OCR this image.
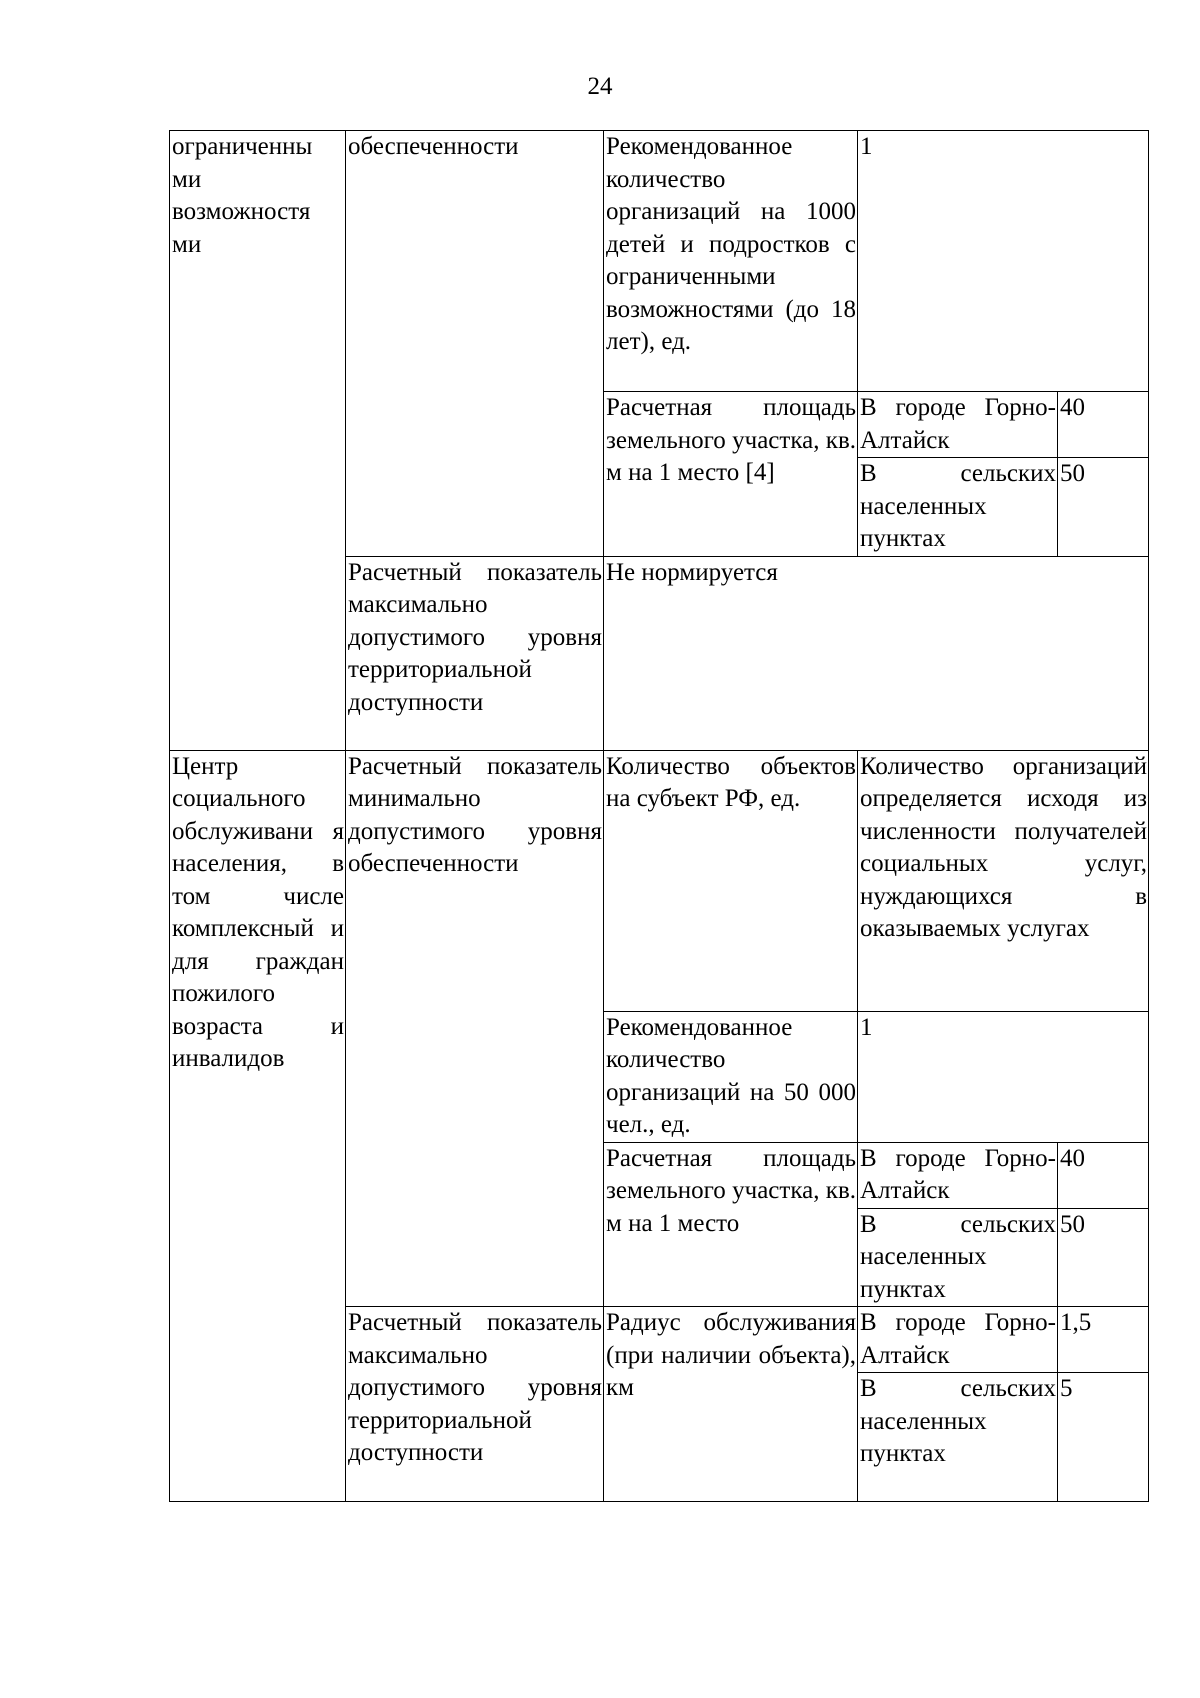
24
ограниченны ми возможностя ми	обеспеченности	Рекомендованное количество организаций на 1000 детей и подростков с ограниченными возможностями (до 18 лет), ед.	1	
		Расчетная площадь земельного участка, кв. м на 1 место [4]	В городе Горно-Алтайск	40
			В сельских населенных пунктах	50
	Расчетный показатель максимально допустимого уровня территориальной доступности	Не нормируется		
Центр социального обслуживани я населения, в том числе комплексный и для граждан пожилого возраста и инвалидов	Расчетный показатель минимально допустимого уровня обеспеченности	Количество объектов на субъект РФ, ед.	Количество организаций определяется исходя из численности получателей социальных услуг, нуждающихся в оказываемых услугах	
		Рекомендованное количество организаций на 50 000 чел., ед.	1	
		Расчетная площадь земельного участка, кв. м на 1 место	В городе Горно-Алтайск	40
			В сельских населенных пунктах	50
	Расчетный показатель максимально допустимого уровня территориальной доступности	Радиус обслуживания (при наличии объекта), км	В городе Горно-Алтайск	1,5
			В сельских населенных пунктах	5
